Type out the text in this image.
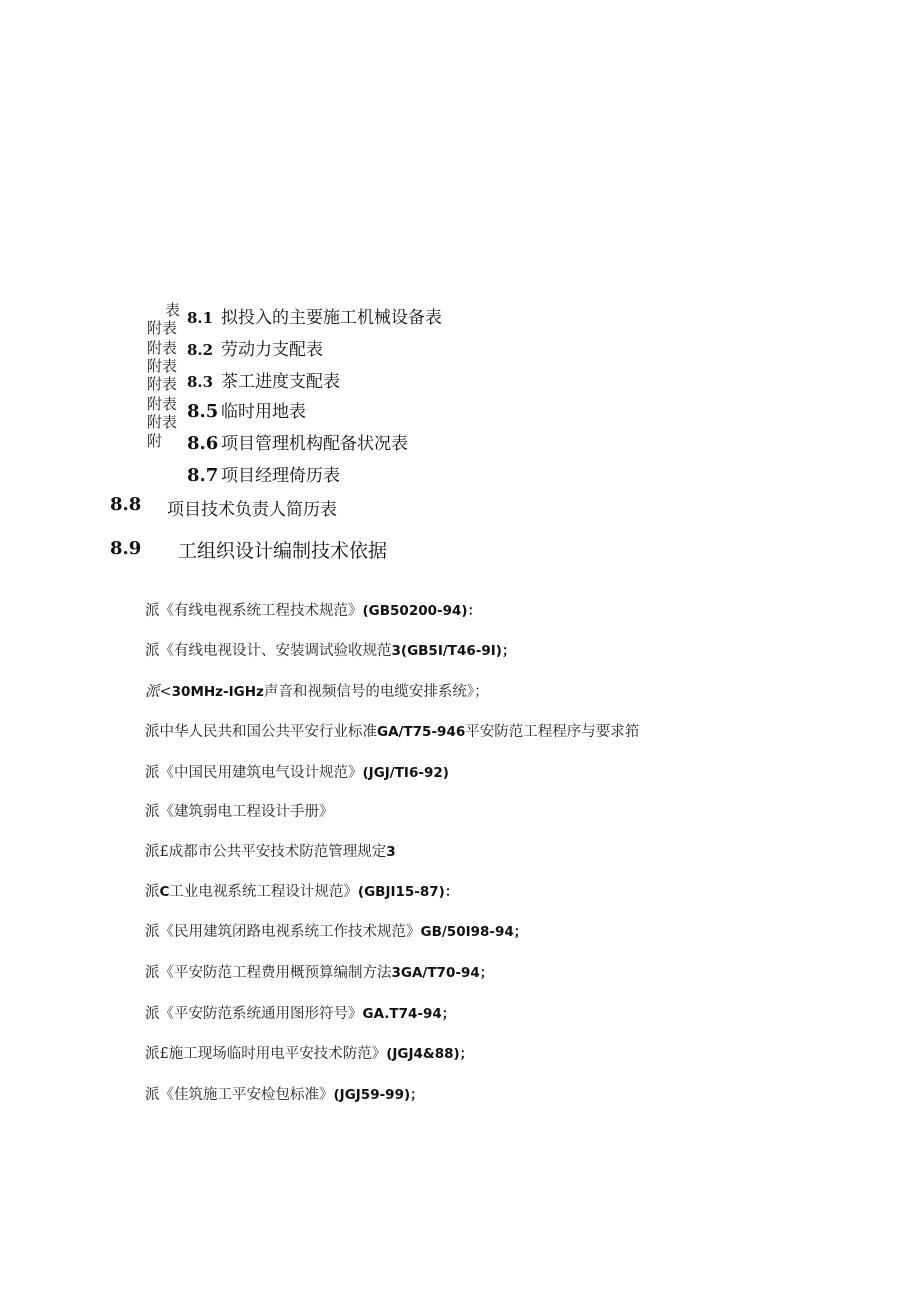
表
附表
附表
附表
附表
附表
附表
附
8.1 拟投入的主要施工机械设备表
8.2 劳动力支配表
8.3 茶工进度支配表
8.5 临时用地表
8.6 项目管理机构配备状况表
8.7 项目经理倚历表
8.8 项目技术负责人简历表
8.9 工组织设计编制技术依据
派《有线电视系统工程技术规范》(GB50200-94)：
派《有线电视设计、安装调试验收规范3(GB5I/T46-9I)；
派<30MHz-IGHz声音和视频信号的电缆安排系统》；
派中华人民共和国公共平安行业标准GA/T75-946平安防范工程程序与要求筘
派《中国民用建筑电气设计规范》(JGJ/TI6-92)
派《建筑弱电工程设计手册》
派£成都市公共平安技术防范管理规定3
派C工业电视系统工程设计规范》(GBJI15-87)：
派《民用建筑闭路电视系统工作技术规范》GB/50I98-94；
派《平安防范工程费用概预算编制方法3GA/T70-94；
派《平安防范系统通用图形符号》GA.T74-94；
派£施工现场临时用电平安技术防范》(JGJ4&88)；
派《佳筑施工平安检包标准》(JGJ59-99)；
